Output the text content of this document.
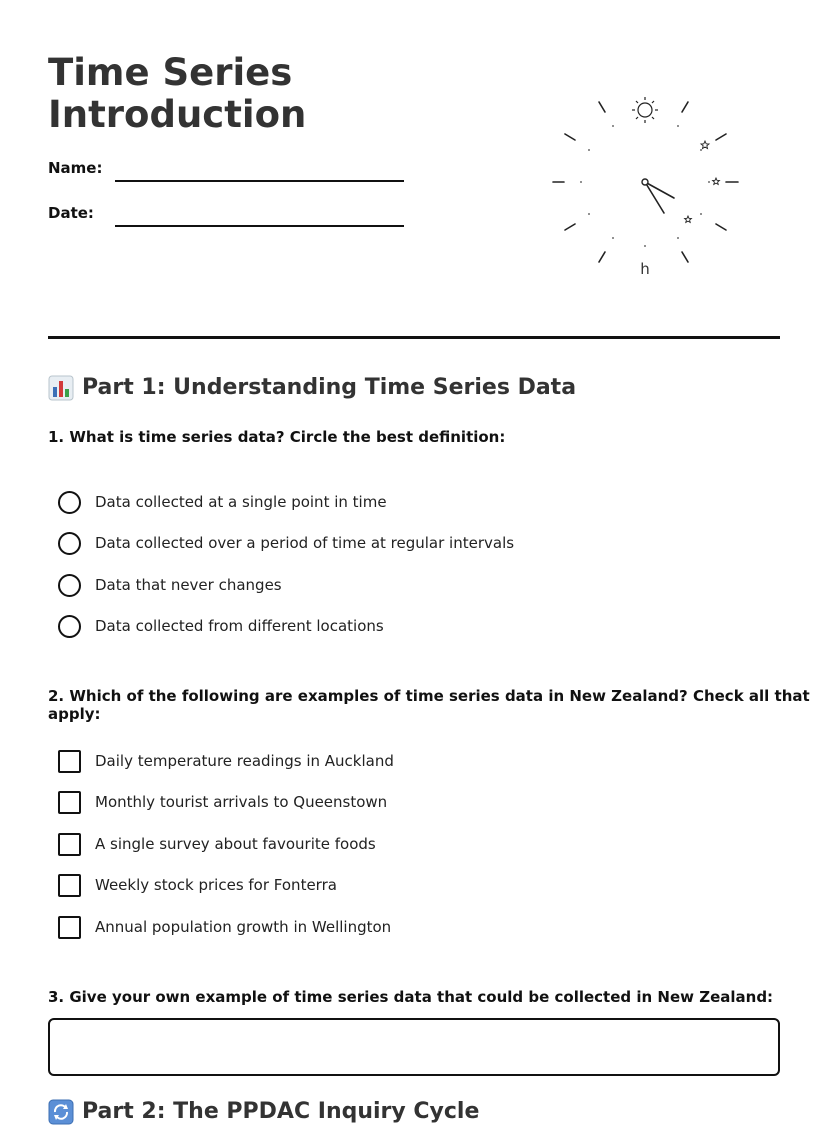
Time Series
Introduction
Name:
Date:
h
Part 1: Understanding Time Series Data

1. What is time series data? Circle the best definition:

Data collected at a single point in time
Data collected over a period of time at regular intervals
Data that never changes
Data collected from different locations

2. Which of the following are examples of time series data in New Zealand? Check all that apply:

Daily temperature readings in Auckland
Monthly tourist arrivals to Queenstown
A single survey about favourite foods
Weekly stock prices for Fonterra
Annual population growth in Wellington

3. Give your own example of time series data that could be collected in New Zealand:

Part 2: The PPDAC Inquiry Cycle
